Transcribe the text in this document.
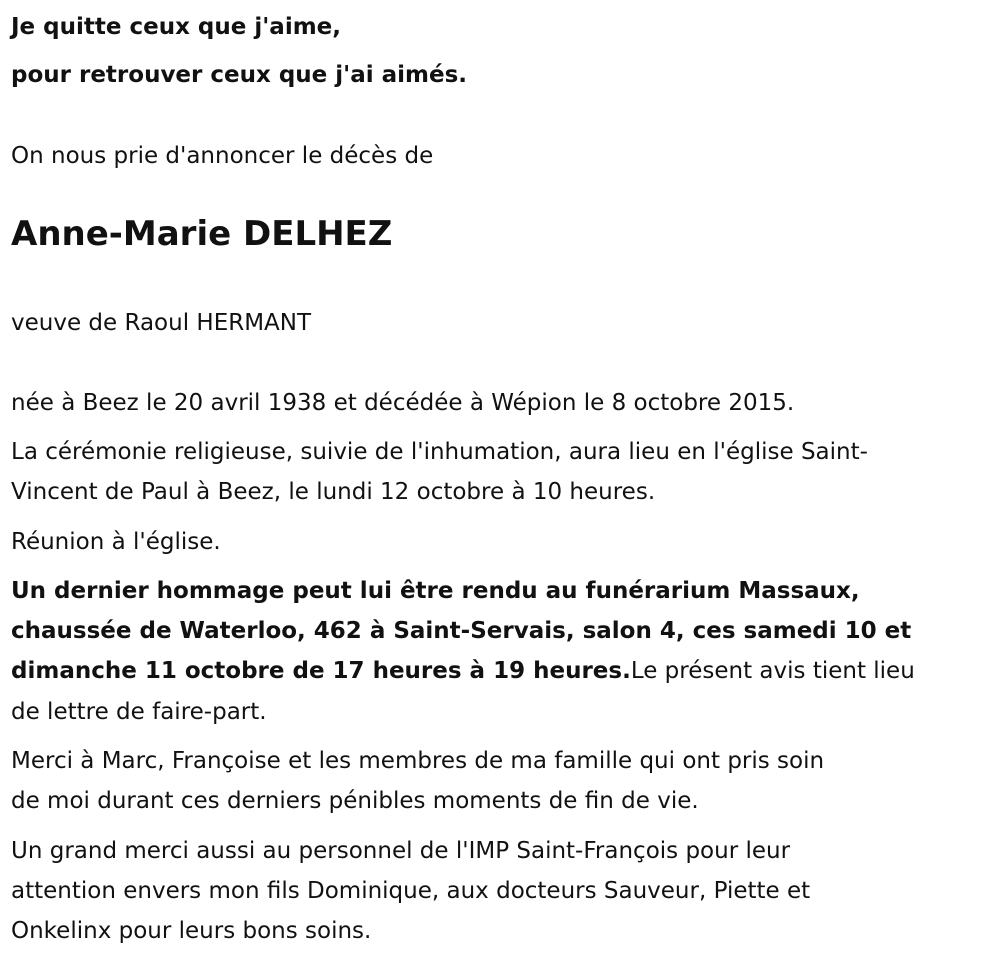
Je quitte ceux que j'aime,
pour retrouver ceux que j'ai aimés.
On nous prie d'annoncer le décès de
Anne-Marie DELHEZ
veuve de Raoul HERMANT
née à Beez le 20 avril 1938 et décédée à Wépion le 8 octobre 2015.
La cérémonie religieuse, suivie de l'inhumation, aura lieu en l'église Saint-
Vincent de Paul à Beez, le lundi 12 octobre à 10 heures.
Réunion à l'église.
Un dernier hommage peut lui être rendu au funérarium Massaux,
chaussée de Waterloo, 462 à Saint-Servais, salon 4, ces samedi 10 et
dimanche 11 octobre de 17 heures à 19 heures.Le présent avis tient lieu
de lettre de faire-part.
Merci à Marc, Françoise et les membres de ma famille qui ont pris soin
de moi durant ces derniers pénibles moments de fin de vie.
Un grand merci aussi au personnel de l'IMP Saint-François pour leur
attention envers mon fils Dominique, aux docteurs Sauveur, Piette et
Onkelinx pour leurs bons soins.
